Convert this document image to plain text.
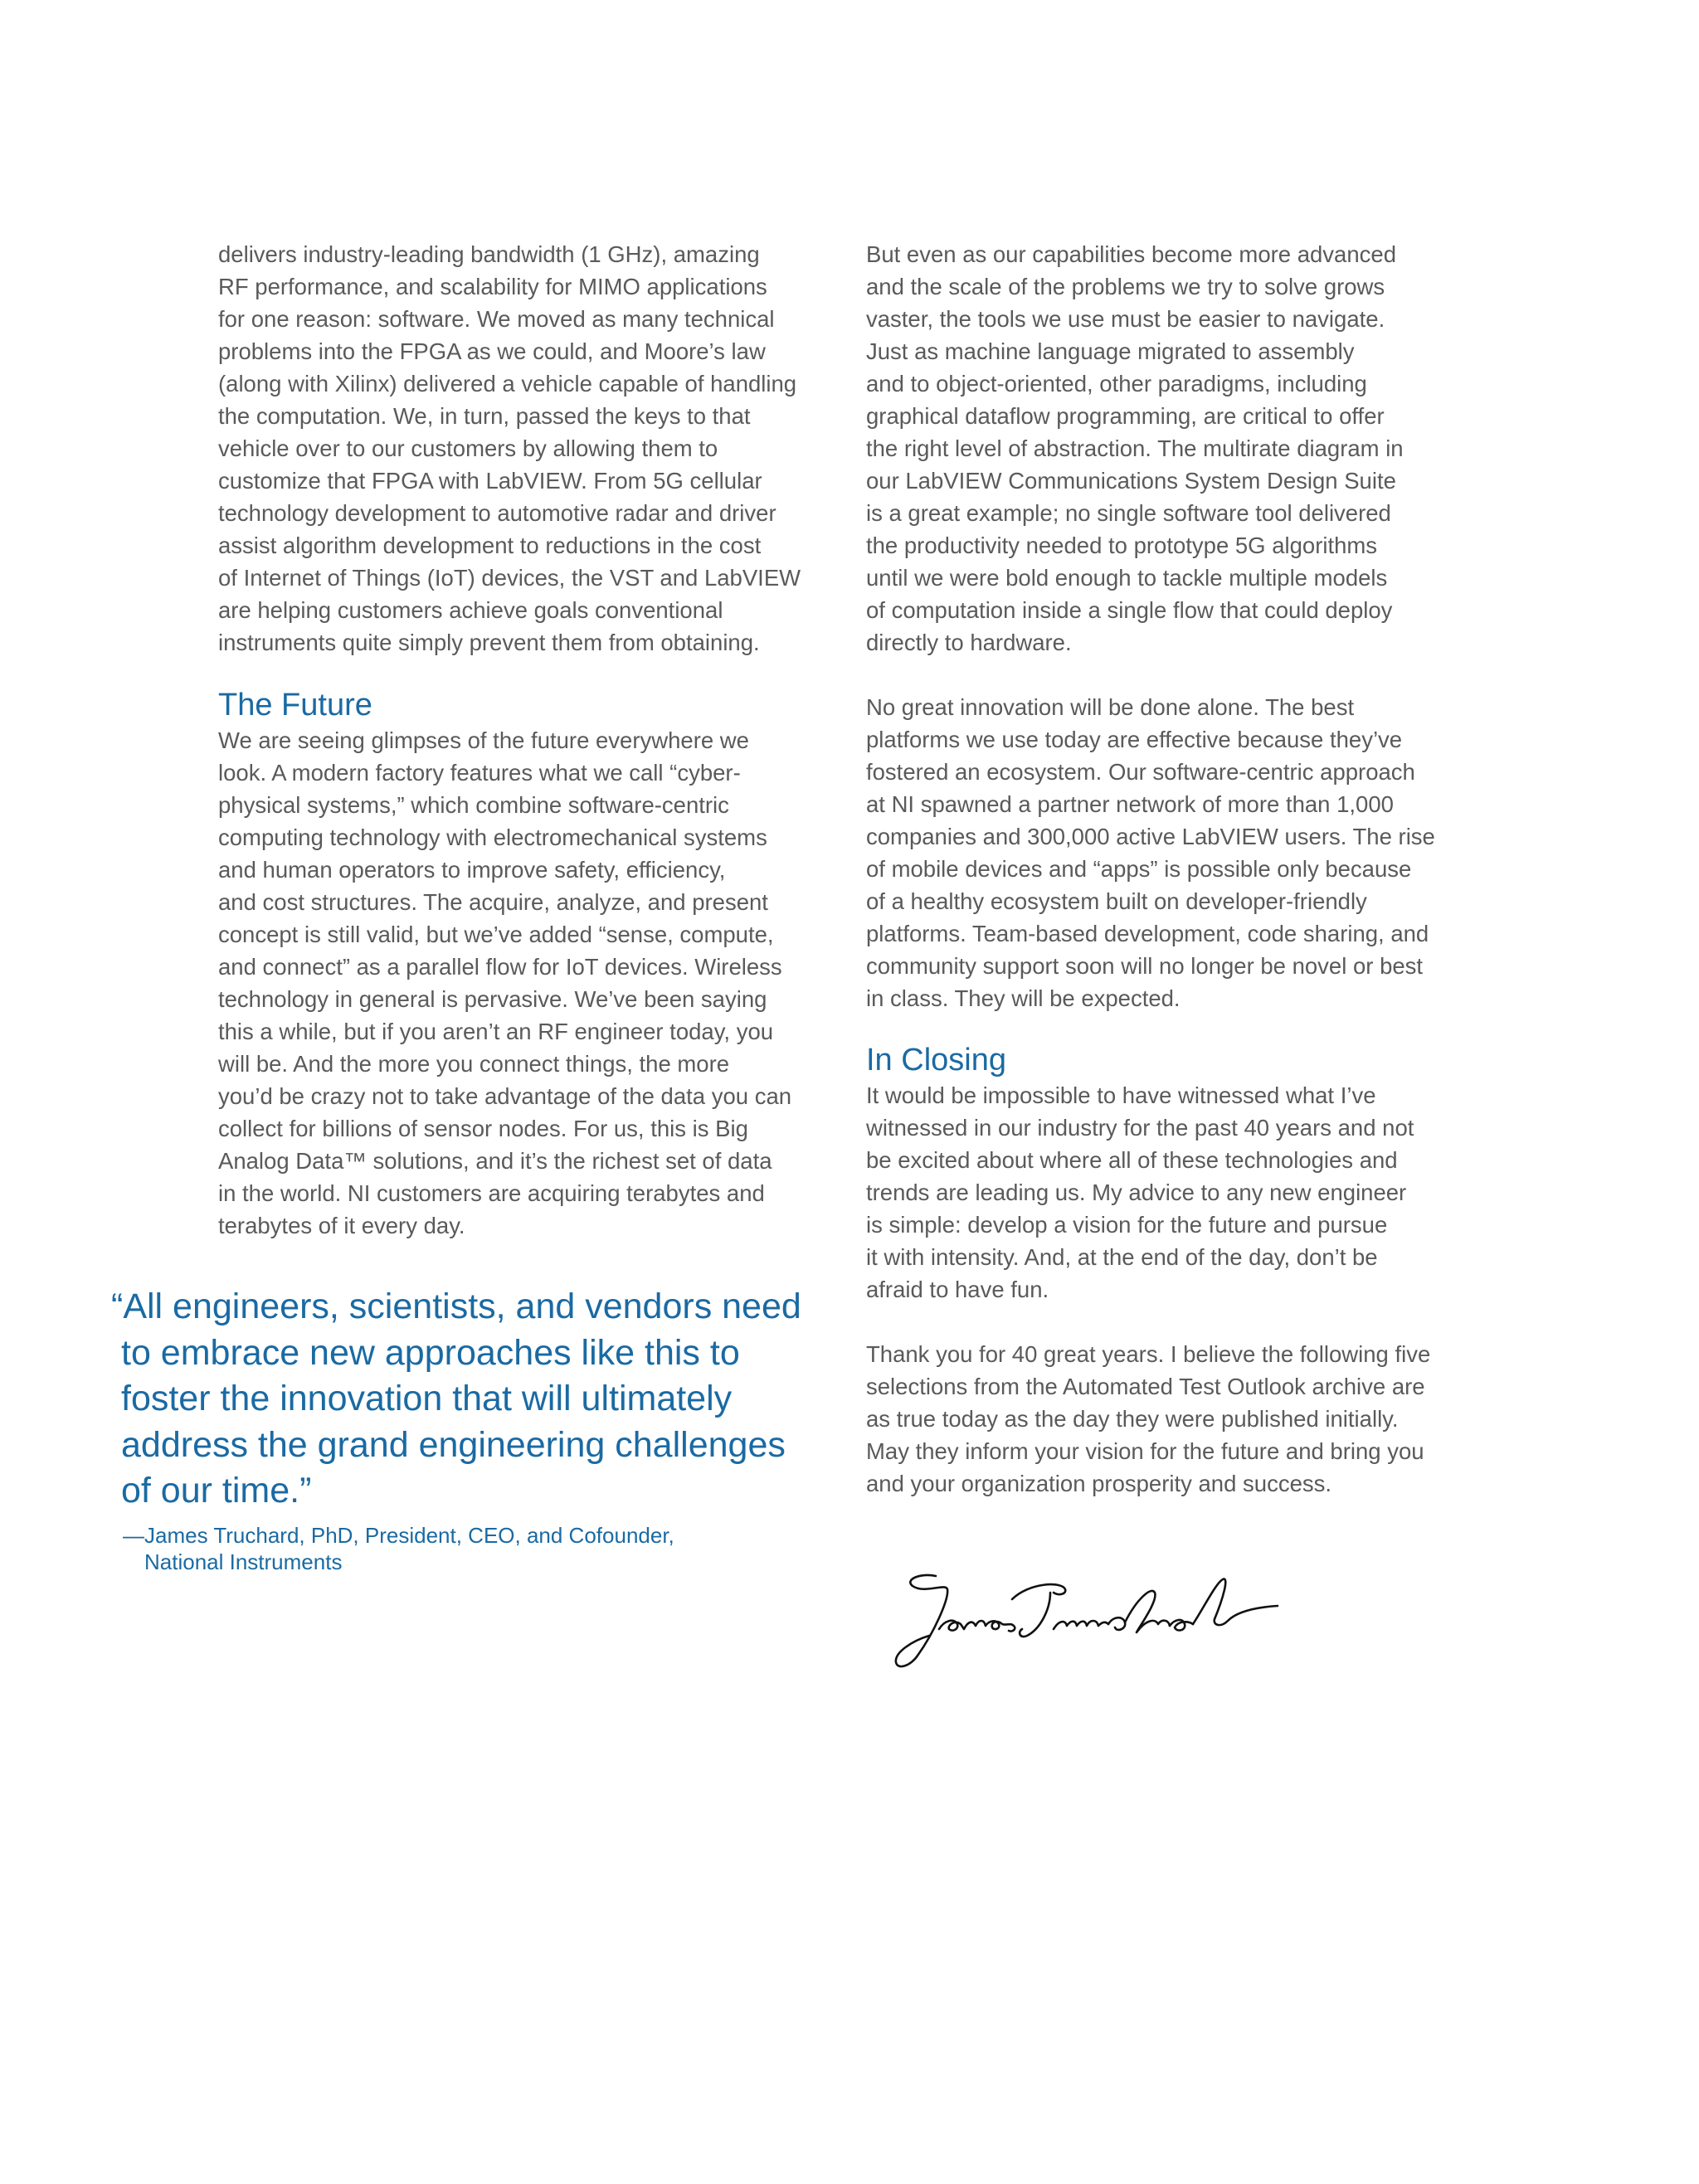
delivers industry-leading bandwidth (1 GHz), amazing
RF performance, and scalability for MIMO applications
for one reason: software. We moved as many technical
problems into the FPGA as we could, and Moore’s law
(along with Xilinx) delivered a vehicle capable of handling
the computation. We, in turn, passed the keys to that
vehicle over to our customers by allowing them to
customize that FPGA with LabVIEW. From 5G cellular
technology development to automotive radar and driver
assist algorithm development to reductions in the cost
of Internet of Things (IoT) devices, the VST and LabVIEW
are helping customers achieve goals conventional
instruments quite simply prevent them from obtaining.

The Future

We are seeing glimpses of the future everywhere we
look. A modern factory features what we call “cyber-
physical systems,” which combine software-centric
computing technology with electromechanical systems
and human operators to improve safety, efficiency,
and cost structures. The acquire, analyze, and present
concept is still valid, but we’ve added “sense, compute,
and connect” as a parallel flow for IoT devices. Wireless
technology in general is pervasive. We’ve been saying
this a while, but if you aren’t an RF engineer today, you
will be. And the more you connect things, the more
you’d be crazy not to take advantage of the data you can
collect for billions of sensor nodes. For us, this is Big
Analog Data™ solutions, and it’s the richest set of data
in the world. NI customers are acquiring terabytes and
terabytes of it every day.

“All engineers, scientists, and vendors need
to embrace new approaches like this to
foster the innovation that will ultimately
address the grand engineering challenges
of our time.”

—James Truchard, PhD, President, CEO, and Cofounder,
National Instruments

But even as our capabilities become more advanced
and the scale of the problems we try to solve grows
vaster, the tools we use must be easier to navigate.
Just as machine language migrated to assembly
and to object-oriented, other paradigms, including
graphical dataflow programming, are critical to offer
the right level of abstraction. The multirate diagram in
our LabVIEW Communications System Design Suite
is a great example; no single software tool delivered
the productivity needed to prototype 5G algorithms
until we were bold enough to tackle multiple models
of computation inside a single flow that could deploy
directly to hardware.

No great innovation will be done alone. The best
platforms we use today are effective because they’ve
fostered an ecosystem. Our software-centric approach
at NI spawned a partner network of more than 1,000
companies and 300,000 active LabVIEW users. The rise
of mobile devices and “apps” is possible only because
of a healthy ecosystem built on developer-friendly
platforms. Team-based development, code sharing, and
community support soon will no longer be novel or best
in class. They will be expected.

In Closing

It would be impossible to have witnessed what I’ve
witnessed in our industry for the past 40 years and not
be excited about where all of these technologies and
trends are leading us. My advice to any new engineer
is simple: develop a vision for the future and pursue
it with intensity. And, at the end of the day, don’t be
afraid to have fun.

Thank you for 40 great years. I believe the following five
selections from the Automated Test Outlook archive are
as true today as the day they were published initially.
May they inform your vision for the future and bring you
and your organization prosperity and success.
